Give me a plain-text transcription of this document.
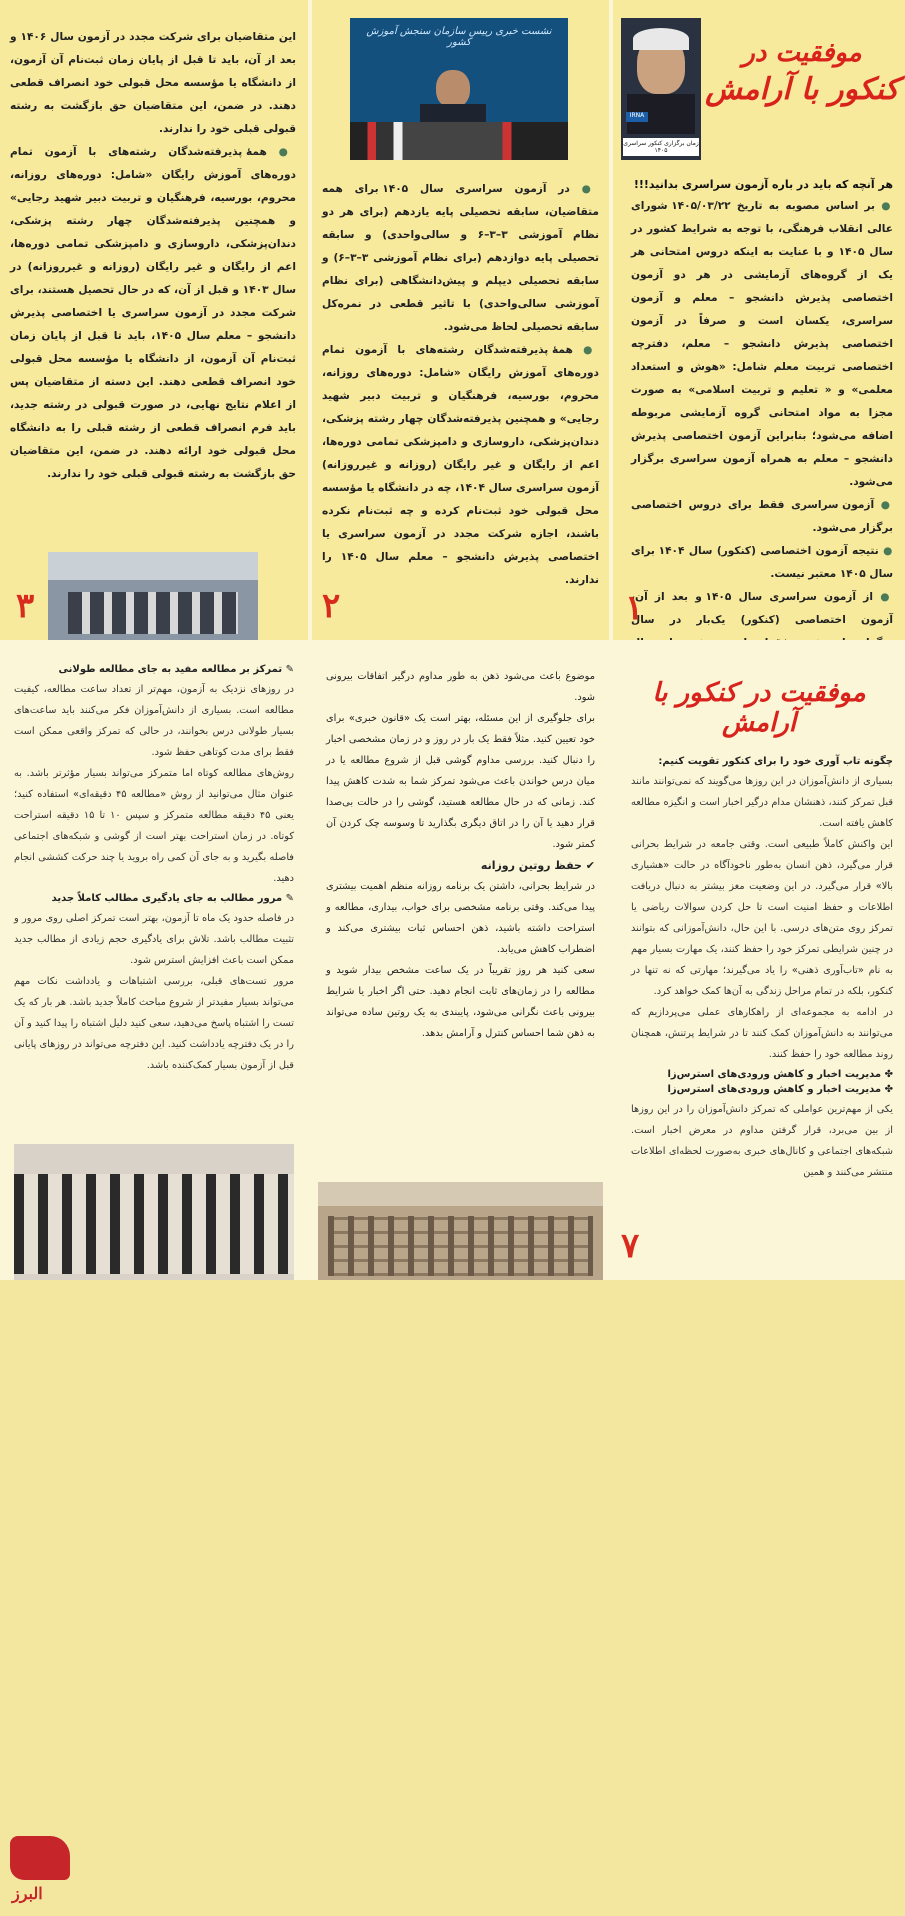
IRNA
زمان برگزاری کنکور سراسری ۱۴۰۵
موفقیت در
کنکور با آرامش

هر آنچه که باید در باره آزمون سراسری بدانید!!!

● بر اساس مصوبه به تاریخ ۱۴۰۵/۰۳/۲۲ شورای عالی انقلاب فرهنگی، با توجه به شرایط کشور در سال ۱۴۰۵ و با عنایت به اینکه دروس امتحانی هر یک از گروه‌های آزمایشی در هر دو آزمون اختصاصی پذیرش دانشجو – معلم و آزمون سراسری، یکسان است و صرفاً در آزمون اختصاصی پذیرش دانشجو – معلم، دفترچه اختصاصی تربیت معلم شامل: «هوش و استعداد معلمی» و « تعلیم و تربیت اسلامی» به صورت مجزا به مواد امتحانی گروه آزمایشی مربوطه اضافه می‌شود؛ بنابراین آزمون اختصاصی پذیرش دانشجو – معلم به همراه آزمون سراسری برگزار می‌شود.

● آزمون سراسری فقط برای دروس اختصاصی برگزار می‌شود.

● نتیجه آزمون اختصاصی (کنکور) سال ۱۴۰۴ برای سال ۱۴۰۵ معتبر نیست.

● از آزمون سراسری سال ۱۴۰۵ و بعد از آن، آزمون اختصاصی (کنکور) یک‌بار در سال

۱
نشست خبری رییس سازمان سنجش آموزش کشور

● در آزمون سراسری سال ۱۴۰۵ برای همه متقاضیان، سابقه تحصیلی پایه یازدهم (برای هر دو نظام آموزشی ۳–۳–۶ و سالی‌واحدی) و سابقه تحصیلی پایه دوازدهم (برای نظام آموزشی ۳–۳–۶) و سابقه تحصیلی دیپلم و پیش‌دانشگاهی (برای نظام آموزشی سالی‌واحدی) با تاثیر قطعی در نمره‌کل سابقه تحصیلی لحاظ می‌شود.

● همهٔ پذیرفته‌شدگان رشته‌های با آزمون تمام دوره‌های آموزش رایگان «شامل: دوره‌های روزانه، محروم، بورسیه، فرهنگیان و تربیت دبیر شهید رجایی» و همچنین پذیرفته‌شدگان چهار رشته پزشکی، دندان‌پزشکی، داروسازی و دامپزشکی تمامی دوره‌ها، اعم از رایگان و غیر رایگان (روزانه و غیرروزانه) آزمون سراسری سال ۱۴۰۴، چه در دانشگاه یا مؤسسه محل قبولی خود ثبت‌نام کرده و چه ثبت‌نام نکرده باشند، اجازه شرکت مجدد در آزمون سراسری یا اختصاصی پذیرش دانشجو – معلم سال ۱۴۰۵ را ندارند.

۲

این متقاضیان برای شرکت مجدد در آزمون سال ۱۴۰۶ و بعد از آن، باید تا قبل از پایان زمان ثبت‌نام آن آزمون، از دانشگاه یا مؤسسه محل قبولی خود انصراف قطعی دهند. در ضمن، این متقاضیان حق بازگشت به رشته قبولی قبلی خود را ندارند.

● همهٔ پذیرفته‌شدگان رشته‌های با آزمون تمام دوره‌های آموزش رایگان «شامل: دوره‌های روزانه، محروم، بورسیه، فرهنگیان و تربیت دبیر شهید رجایی» و همچنین پذیرفته‌شدگان چهار رشته پزشکی، دندان‌پزشکی، داروسازی و دامپزشکی تمامی دوره‌ها، اعم از رایگان و غیر رایگان (روزانه و غیرروزانه) در سال ۱۴۰۳ و قبل از آن، که در حال تحصیل هستند، برای شرکت مجدد در آزمون سراسری یا اختصاصی پذیرش دانشجو – معلم سال ۱۴۰۵، باید تا قبل از پایان زمان ثبت‌نام آن آزمون، از دانشگاه یا مؤسسه محل قبولی خود انصراف قطعی دهند. این دسته از متقاضیان پس از اعلام نتایج نهایی، در صورت قبولی در رشته جدید، باید فرم انصراف قطعی از رشته قبلی را به دانشگاه محل قبولی خود ارائه دهند. در ضمن، این متقاضیان حق بازگشت به رشته قبولی قبلی خود را ندارند.

۳
موفقیت در کنکور با آرامش

چگونه تاب آوری خود را برای کنکور تقویت کنیم:

بسیاری از دانش‌آموزان در این روزها می‌گویند که نمی‌توانند مانند قبل تمرکز کنند، ذهنشان مدام درگیر اخبار است و انگیزه مطالعه کاهش یافته است.

این واکنش کاملاً طبیعی است. وقتی جامعه در شرایط بحرانی قرار می‌گیرد، ذهن انسان به‌طور ناخودآگاه در حالت «هشیاری بالا» قرار می‌گیرد. در این وضعیت مغز بیشتر به دنبال دریافت اطلاعات و حفظ امنیت است تا حل کردن سوالات ریاضی یا تمرکز روی متن‌های درسی. با این حال، دانش‌آموزانی که بتوانند در چنین شرایطی تمرکز خود را حفظ کنند، یک مهارت بسیار مهم به نام «تاب‌آوری ذهنی» را یاد می‌گیرند؛ مهارتی که نه تنها در کنکور، بلکه در تمام مراحل زندگی به آن‌ها کمک خواهد کرد.

در ادامه به مجموعه‌ای از راهکارهای عملی می‌پردازیم که می‌توانند به دانش‌آموزان کمک کنند تا در شرایط پرتنش، همچنان روند مطالعه خود را حفظ کنند.

✤ مدیریت اخبار و کاهش ورودی‌های استرس‌زا

✤ مدیریت اخبار و کاهش ورودی‌های استرس‌زا

یکی از مهم‌ترین عواملی که تمرکز دانش‌آموزان را در این روزها از بین می‌برد، قرار گرفتن مداوم در معرض اخبار است. شبکه‌های اجتماعی و کانال‌های خبری به‌صورت لحظه‌ای اطلاعات منتشر می‌کنند و همین

۷

موضوع باعث می‌شود ذهن به طور مداوم درگیر اتفاقات بیرونی شود.

برای جلوگیری از این مسئله، بهتر است یک «قانون خبری» برای خود تعیین کنید. مثلاً فقط یک بار در روز و در زمان مشخصی اخبار را دنبال کنید. بررسی مداوم گوشی قبل از شروع مطالعه یا در میان درس خواندن باعث می‌شود تمرکز شما به شدت کاهش پیدا کند. زمانی که در حال مطالعه هستید، گوشی را در حالت بی‌صدا قرار دهید یا آن را در اتاق دیگری بگذارید تا وسوسه چک کردن آن کمتر شود.

✔ حفظ روتین روزانه

در شرایط بحرانی، داشتن یک برنامه روزانه منظم اهمیت بیشتری پیدا می‌کند. وقتی برنامه مشخصی برای خواب، بیداری، مطالعه و استراحت داشته باشید، ذهن احساس ثبات بیشتری می‌کند و اضطراب کاهش می‌یابد.

سعی کنید هر روز تقریباً در یک ساعت مشخص بیدار شوید و مطالعه را در زمان‌های ثابت انجام دهید. حتی اگر اخبار یا شرایط بیرونی باعث نگرانی می‌شود، پایبندی به یک روتین ساده می‌تواند به ذهن شما احساس کنترل و آرامش بدهد.

✎ تمرکز بر مطالعه مفید به جای مطالعه طولانی

در روزهای نزدیک به آزمون، مهم‌تر از تعداد ساعت مطالعه، کیفیت مطالعه است. بسیاری از دانش‌آموزان فکر می‌کنند باید ساعت‌های بسیار طولانی درس بخوانند، در حالی که تمرکز واقعی ممکن است فقط برای مدت کوتاهی حفظ شود.

روش‌های مطالعه کوتاه اما متمرکز می‌تواند بسیار مؤثرتر باشد. به عنوان مثال می‌توانید از روش «مطالعه ۴۵ دقیقه‌ای» استفاده کنید؛ یعنی ۴۵ دقیقه مطالعه متمرکز و سپس ۱۰ تا ۱۵ دقیقه استراحت کوتاه. در زمان استراحت بهتر است از گوشی و شبکه‌های اجتماعی فاصله بگیرید و به جای آن کمی راه بروید یا چند حرکت کششی انجام دهید.

✎ مرور مطالب به جای یادگیری مطالب کاملاً جدید

در فاصله حدود یک ماه تا آزمون، بهتر است تمرکز اصلی روی مرور و تثبیت مطالب باشد. تلاش برای یادگیری حجم زیادی از مطالب جدید ممکن است باعث افزایش استرس شود.

مرور تست‌های قبلی، بررسی اشتباهات و یادداشت نکات مهم می‌تواند بسیار مفیدتر از شروع مباحث کاملاً جدید باشد. هر بار که یک تست را اشتباه پاسخ می‌دهید، سعی کنید دلیل اشتباه را پیدا کنید و آن را در یک دفترچه یادداشت کنید. این دفترچه می‌تواند در روزهای پایانی قبل از آزمون بسیار کمک‌کننده باشد.

البرز
